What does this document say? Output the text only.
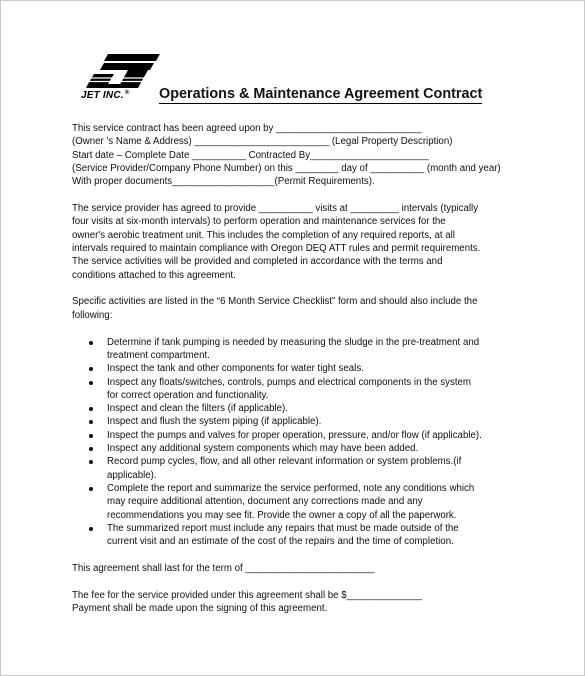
JET INC.® Operations & Maintenance Agreement Contract
This service contract has been agreed upon by ___________________________
(Owner 's Name & Address) _________________________ (Legal Property Description)
Start date – Complete Date __________ Contracted By______________________
(Service Provider/Company Phone Number) on this ________ day of __________ (month and year)
With proper documents___________________(Permit Requirements).
The service provider has agreed to provide __________ visits at _________ intervals (typically
four visits at six-month intervals) to perform operation and maintenance services for the
owner's aerobic treatment unit. This includes the completion of any required reports, at all
intervals required to maintain compliance with Oregon DEQ ATT rules and permit requirements.
The service activities will be provided and completed in accordance with the terms and
conditions attached to this agreement.
Specific activities are listed in the “6 Month Service Checklist” form and should also include the
following:
Determine if tank pumping is needed by measuring the sludge in the pre-treatment and
treatment compartment.
Inspect the tank and other components for water tight seals.
Inspect any floats/switches, controls, pumps and electrical components in the system
for correct operation and functionality.
Inspect and clean the filters (if applicable).
Inspect and flush the system piping (if applicable).
Inspect the pumps and valves for proper operation, pressure, and/or flow (if applicable).
Inspect any additional system components which may have been added.
Record pump cycles, flow, and all other relevant information or system problems.(if
applicable).
Complete the report and summarize the service performed, note any conditions which
may require additional attention, document any corrections made and any
recommendations you may see fit. Provide the owner a copy of all the paperwork.
The summarized report must include any repairs that must be made outside of the
current visit and an estimate of the cost of the repairs and the time of completion.
This agreement shall last for the term of ________________________
The fee for the service provided under this agreement shall be $______________
Payment shall be made upon the signing of this agreement.
